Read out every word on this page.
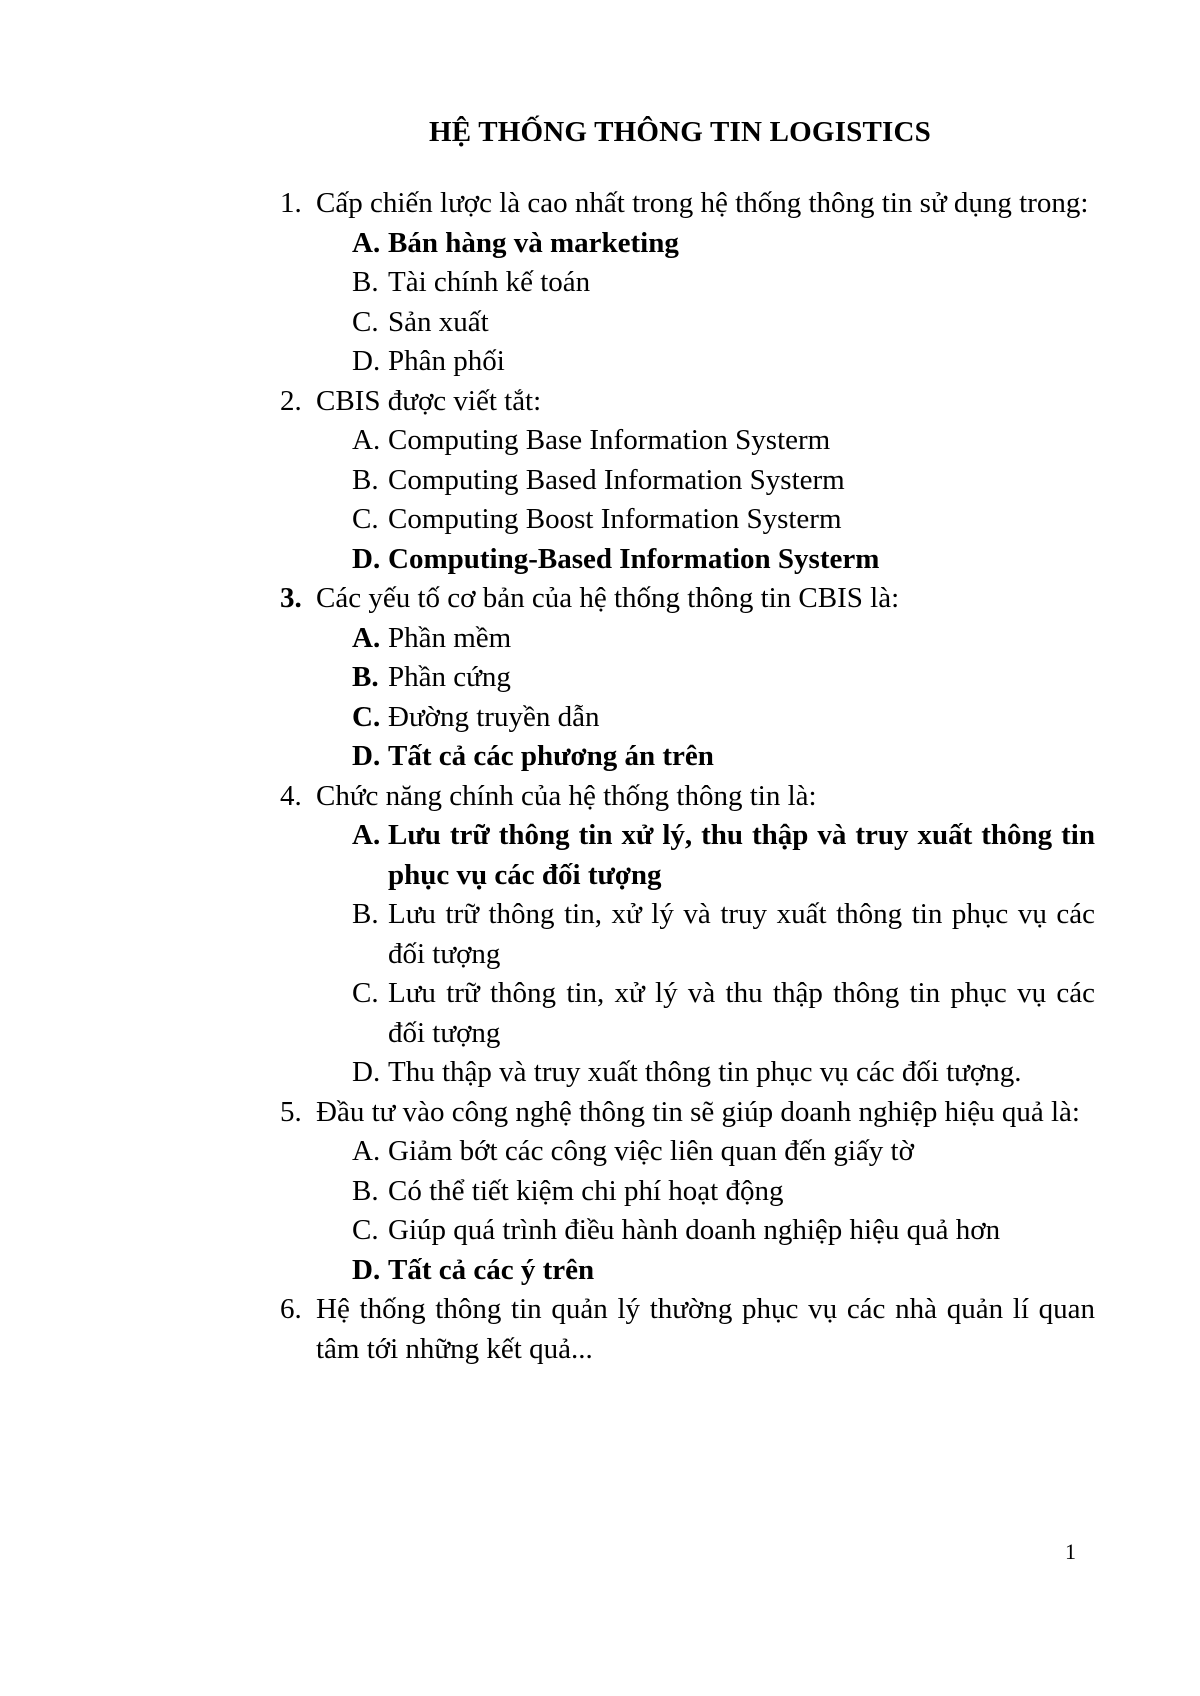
HỆ THỐNG THÔNG TIN LOGISTICS
1. Cấp chiến lược là cao nhất trong hệ thống thông tin sử dụng trong:
A. Bán hàng và marketing
B. Tài chính kế toán
C. Sản xuất
D. Phân phối
2. CBIS được viết tắt:
A. Computing Base Information Systerm
B. Computing Based Information Systerm
C. Computing Boost Information Systerm
D. Computing-Based Information Systerm
3. Các yếu tố cơ bản của hệ thống thông tin CBIS là:
A. Phần mềm
B. Phần cứng
C. Đường truyền dẫn
D. Tất cả các phương án trên
4. Chức năng chính của hệ thống thông tin là:
A. Lưu trữ thông tin xử lý, thu thập và truy xuất thông tin phục vụ các đối tượng
B. Lưu trữ thông tin, xử lý và truy xuất thông tin phục vụ các đối tượng
C. Lưu trữ thông tin, xử lý và thu thập thông tin phục vụ các đối tượng
D. Thu thập và truy xuất thông tin phục vụ các đối tượng.
5. Đầu tư vào công nghệ thông tin sẽ giúp doanh nghiệp hiệu quả là:
A. Giảm bớt các công việc liên quan đến giấy tờ
B. Có thể tiết kiệm chi phí hoạt động
C. Giúp quá trình điều hành doanh nghiệp hiệu quả hơn
D. Tất cả các ý trên
6. Hệ thống thông tin quản lý thường phục vụ các nhà quản lí quan tâm tới những kết quả...
1
